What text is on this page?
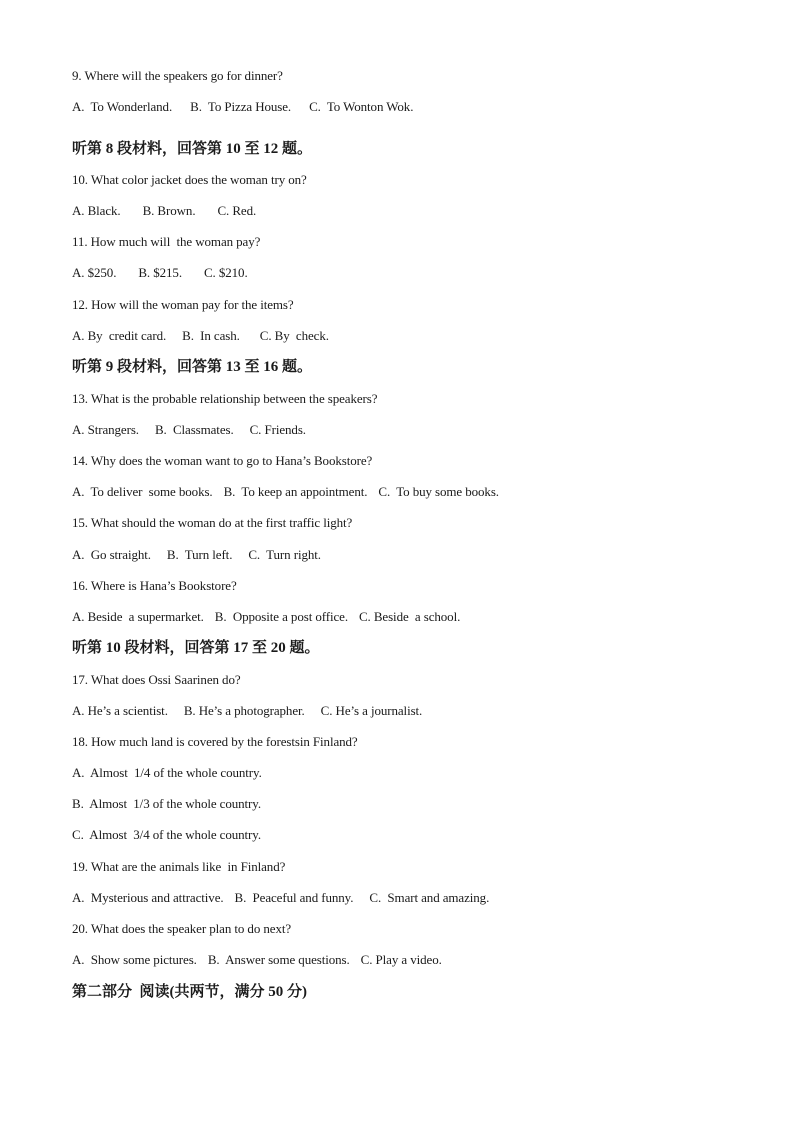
9. Where will the speakers go for dinner?
A.  To Wonderland. B.  To Pizza House. C.  To Wonton Wok.
听第 8 段材料，回答第 10 至 12 题。
10. What color jacket does the woman try on?
A. Black. B. Brown. C. Red.
11. How much will  the woman pay?
A. $250. B. $215. C. $210.
12. How will the woman pay for the items?
A. By  credit card. B.  In cash. C. By  check.
听第 9 段材料，回答第 13 至 16 题。
13. What is the probable relationship between the speakers?
A. Strangers. B.  Classmates. C. Friends.
14. Why does the woman want to go to Hana’s Bookstore?
A.  To deliver  some books. B.  To keep an appointment. C.  To buy some books.
15. What should the woman do at the first traffic light?
A.  Go straight. B.  Turn left. C.  Turn right.
16. Where is Hana’s Bookstore?
A. Beside  a supermarket. B.  Opposite a post office. C. Beside  a school.
听第 10 段材料，回答第 17 至 20 题。
17. What does Ossi Saarinen do?
A. He’s a scientist. B. He’s a photographer. C. He’s a journalist.
18. How much land is covered by the forestsin Finland?
A.  Almost  1/4 of the whole country.
B.  Almost  1/3 of the whole country.
C.  Almost  3/4 of the whole country.
19. What are the animals like  in Finland?
A.  Mysterious and attractive. B.  Peaceful and funny. C.  Smart and amazing.
20. What does the speaker plan to do next?
A.  Show some pictures. B.  Answer some questions. C. Play a video.
第二部分  阅读(共两节，满分 50 分)
